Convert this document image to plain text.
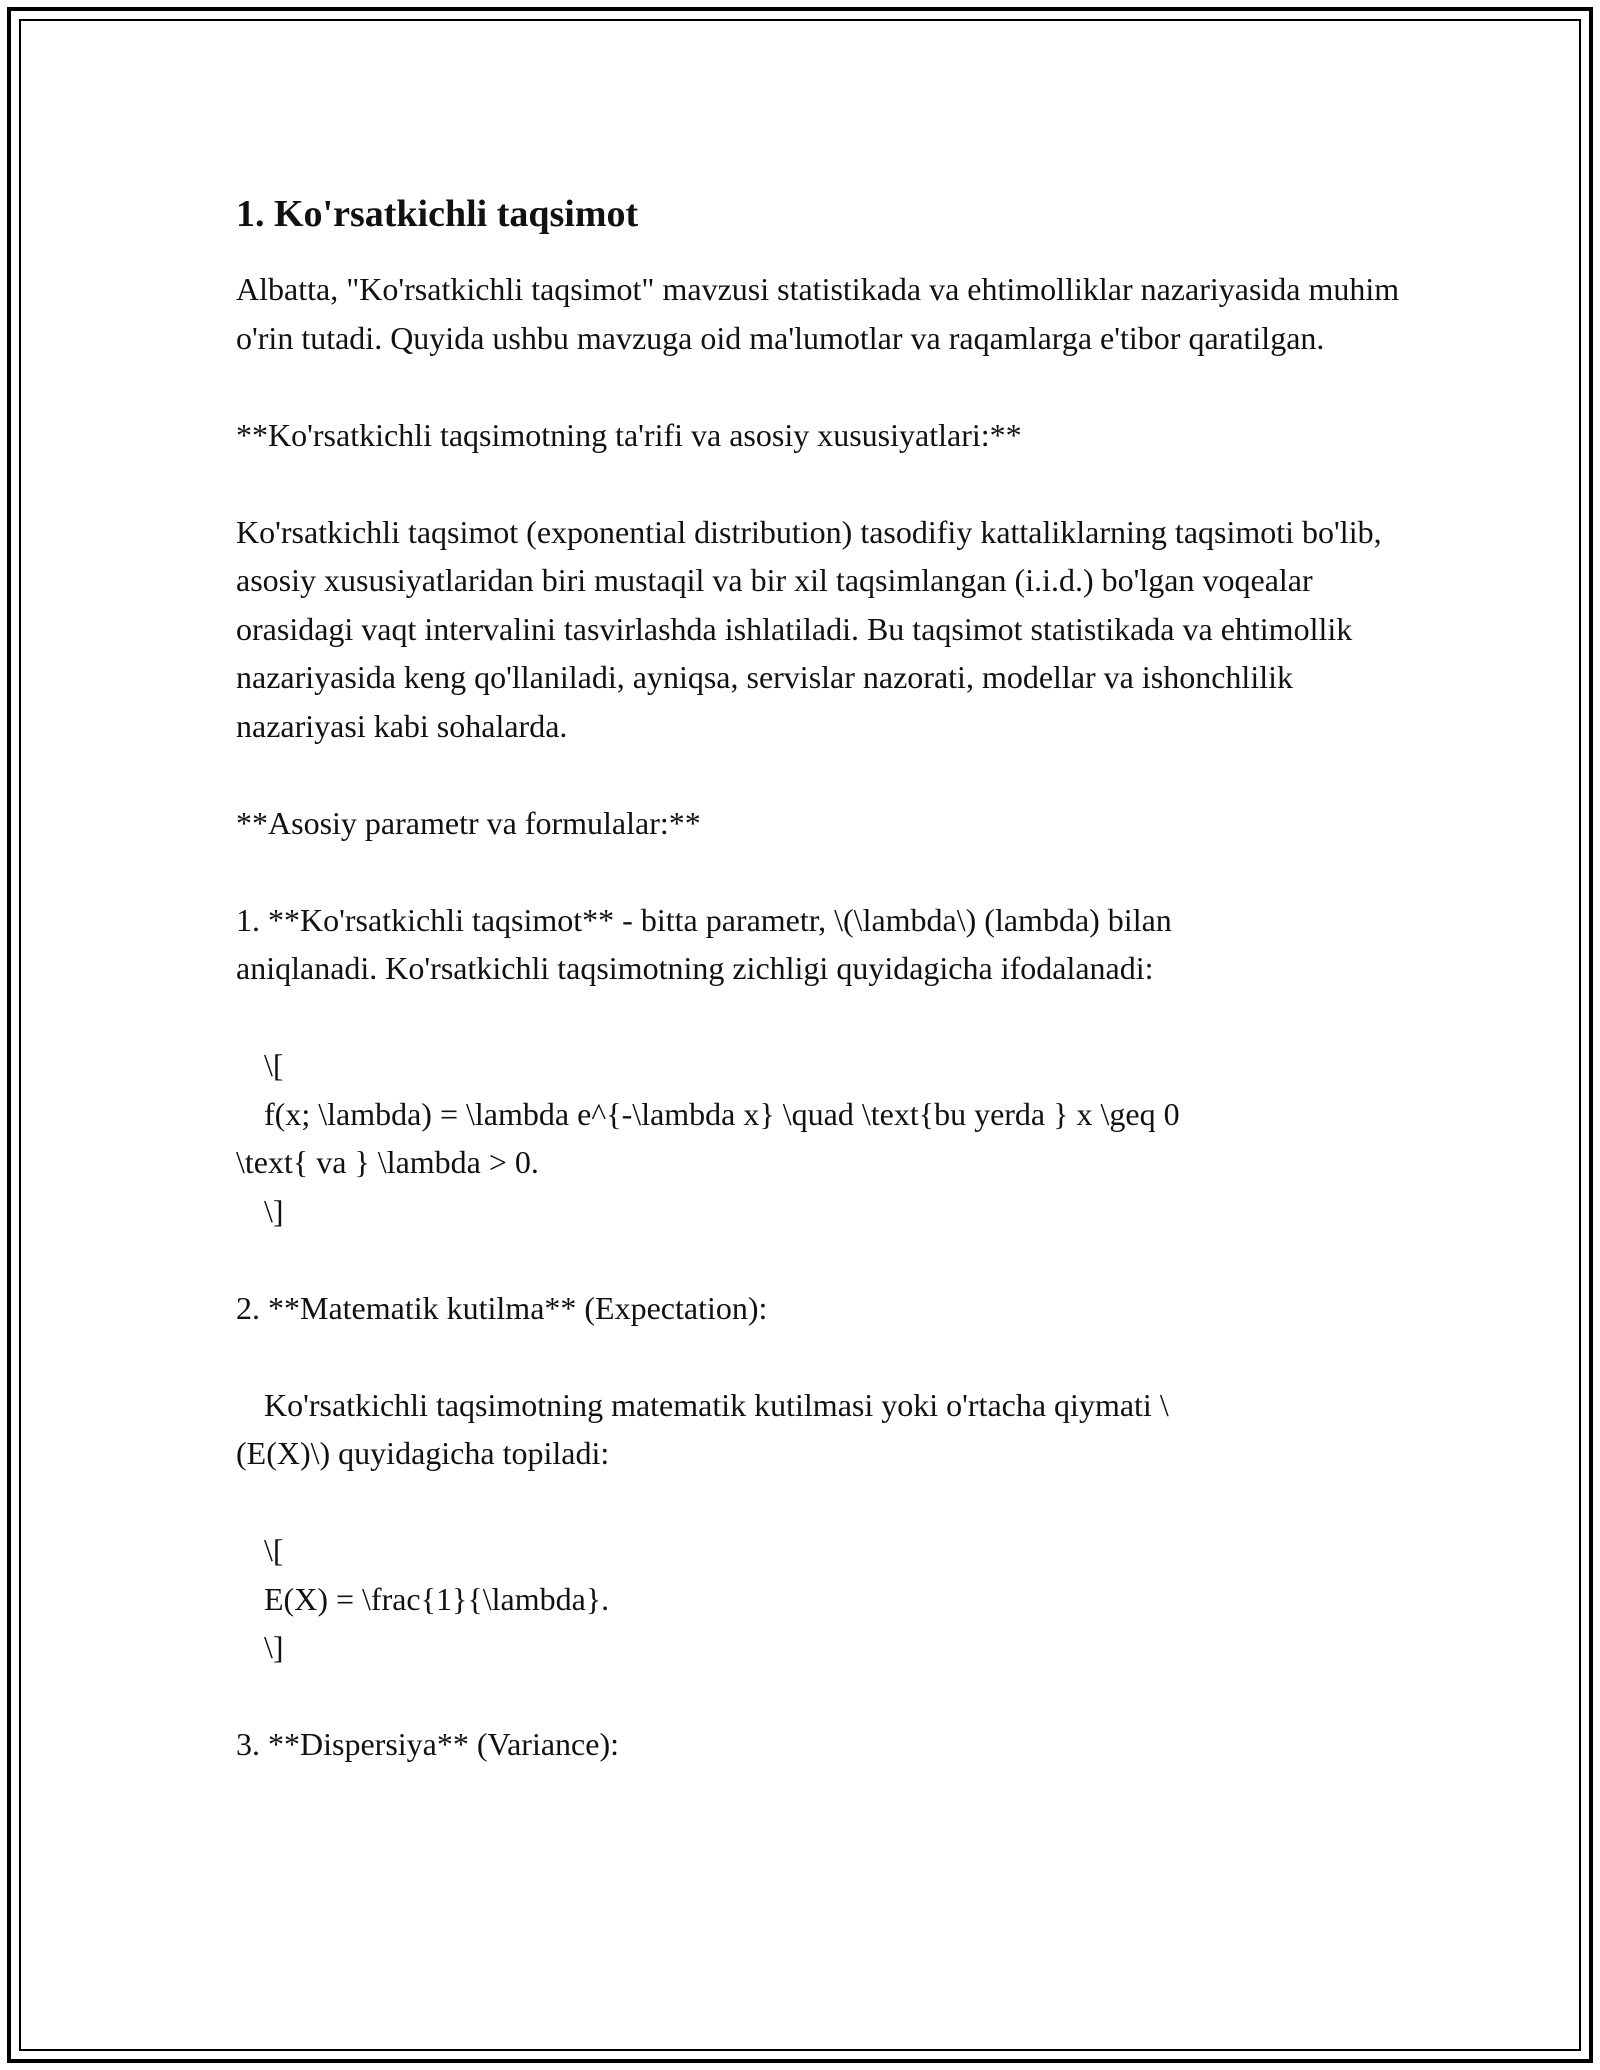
1. Ko'rsatkichli taqsimot

Albatta, "Ko'rsatkichli taqsimot" mavzusi statistikada va ehtimolliklar nazariyasida muhim o'rin tutadi. Quyida ushbu mavzuga oid ma'lumotlar va raqamlarga e'tibor qaratilgan.

**Ko'rsatkichli taqsimotning ta'rifi va asosiy xususiyatlari:**

Ko'rsatkichli taqsimot (exponential distribution) tasodifiy kattaliklarning taqsimoti bo'lib, asosiy xususiyatlaridan biri mustaqil va bir xil taqsimlangan (i.i.d.) bo'lgan voqealar orasidagi vaqt intervalini tasvirlashda ishlatiladi. Bu taqsimot statistikada va ehtimollik nazariyasida keng qo'llaniladi, ayniqsa, servislar nazorati, modellar va ishonchlilik nazariyasi kabi sohalarda.

**Asosiy parametr va formulalar:**

1. **Ko'rsatkichli taqsimot** - bitta parametr, \(\lambda\) (lambda) bilan

aniqlanadi. Ko'rsatkichli taqsimotning zichligi quyidagicha ifodalanadi:

\[

f(x; \lambda) = \lambda e^{-\lambda x} \quad \text{bu yerda } x \geq 0

\text{ va } \lambda > 0.

\]

2. **Matematik kutilma** (Expectation):

Ko'rsatkichli taqsimotning matematik kutilmasi yoki o'rtacha qiymati \

(E(X)\) quyidagicha topiladi:

\[

E(X) = \frac{1}{\lambda}.

\]

3. **Dispersiya** (Variance):
